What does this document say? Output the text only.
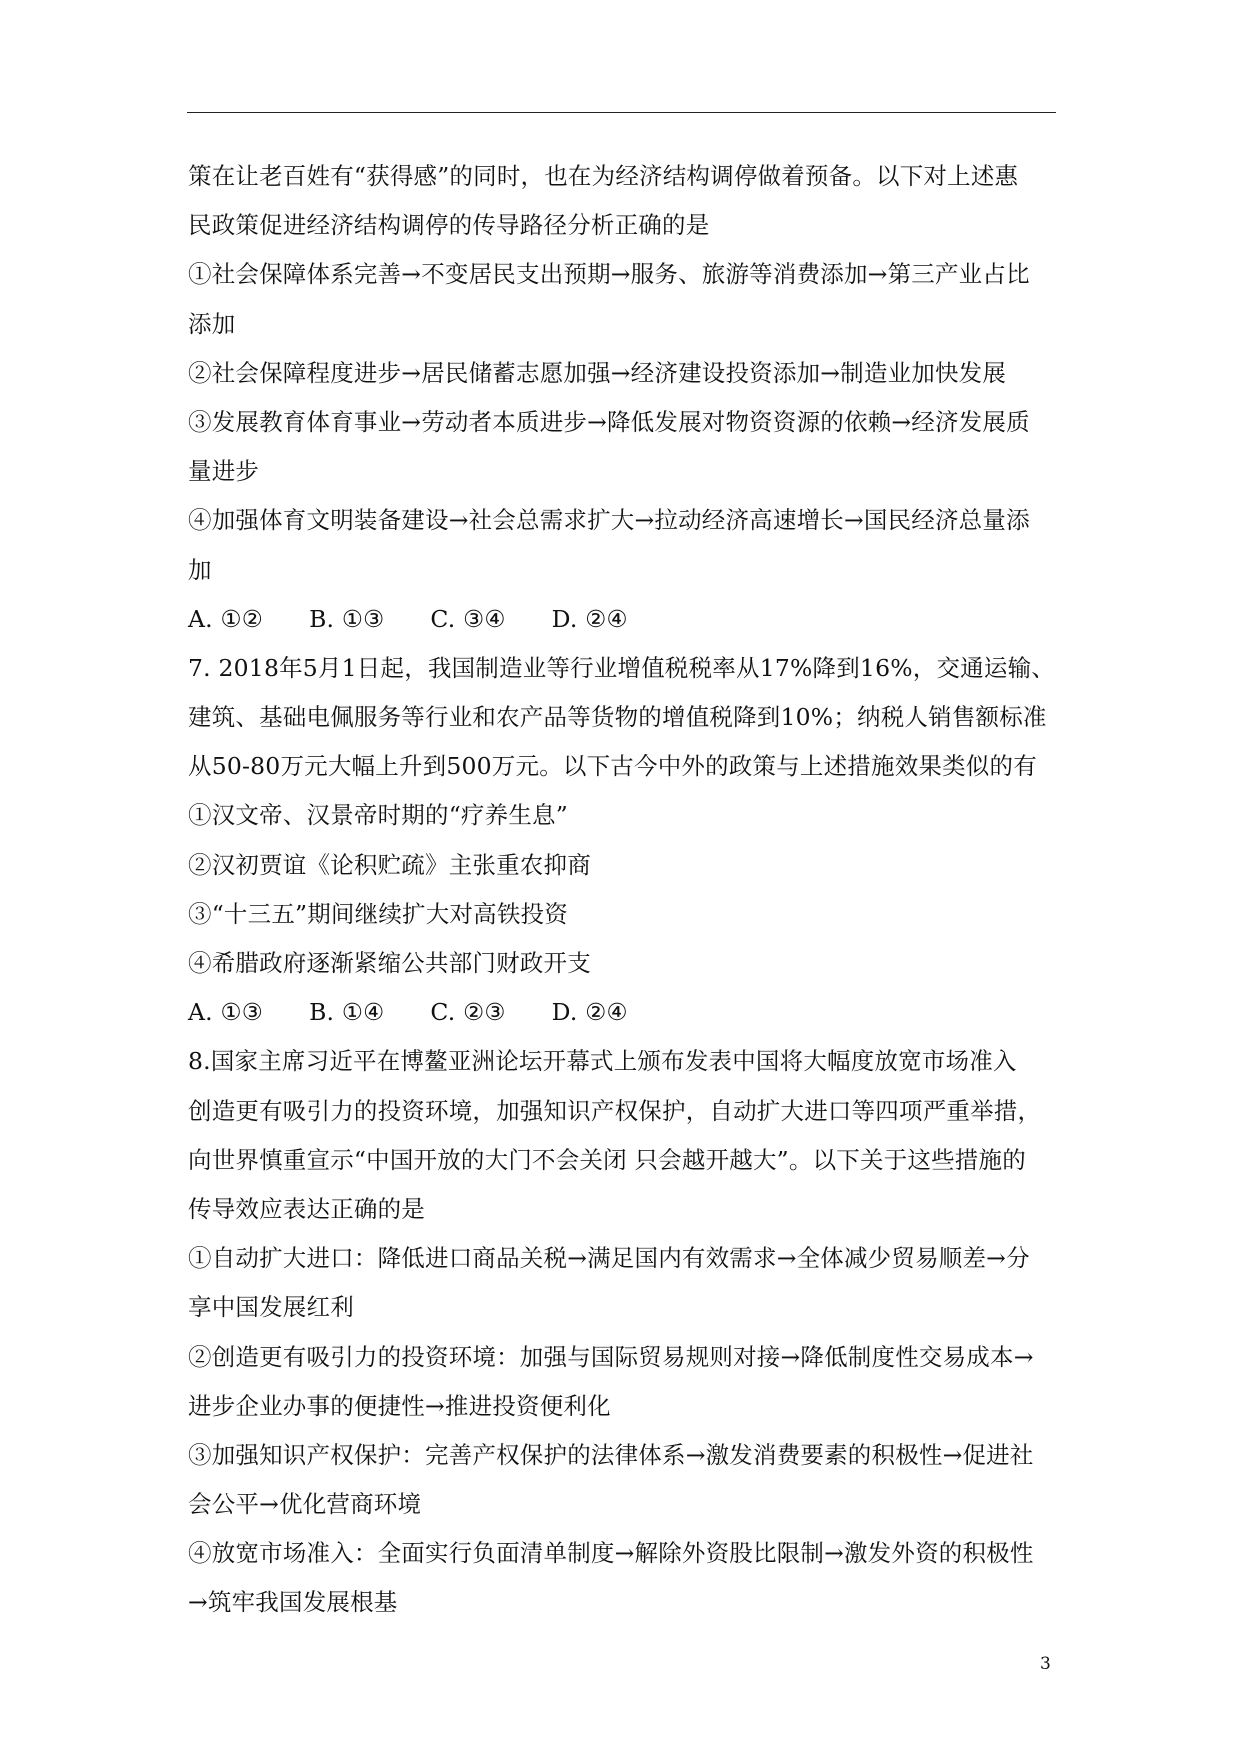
策在让老百姓有“获得感”的同时，也在为经济结构调停做着预备。以下对上述惠
民政策促进经济结构调停的传导路径分析正确的是
①社会保障体系完善→不变居民支出预期→服务、旅游等消费添加→第三产业占比
添加
②社会保障程度进步→居民储蓄志愿加强→经济建设投资添加→制造业加快发展
③发展教育体育事业→劳动者本质进步→降低发展对物资资源的依赖→经济发展质
量进步
④加强体育文明装备建设→社会总需求扩大→拉动经济高速增长→国民经济总量添
加
A. ①②      B. ①③      C. ③④      D. ②④
7. 2018年5月1日起，我国制造业等行业增值税税率从17%降到16%，交通运输、
建筑、基础电佩服务等行业和农产品等货物的增值税降到10%；纳税人销售额标准
从50-80万元大幅上升到500万元。以下古今中外的政策与上述措施效果类似的有
①汉文帝、汉景帝时期的“疗养生息”
②汉初贾谊《论积贮疏》主张重农抑商
③“十三五”期间继续扩大对高铁投资
④希腊政府逐渐紧缩公共部门财政开支
A. ①③      B. ①④      C. ②③      D. ②④
8.国家主席习近平在博鳌亚洲论坛开幕式上颁布发表中国将大幅度放宽市场准入
创造更有吸引力的投资环境，加强知识产权保护，自动扩大进口等四项严重举措，
向世界慎重宣示“中国开放的大门不会关闭 只会越开越大”。以下关于这些措施的
传导效应表达正确的是
①自动扩大进口：降低进口商品关税→满足国内有效需求→全体减少贸易顺差→分
享中国发展红利
②创造更有吸引力的投资环境：加强与国际贸易规则对接→降低制度性交易成本→
进步企业办事的便捷性→推进投资便利化
③加强知识产权保护：完善产权保护的法律体系→激发消费要素的积极性→促进社
会公平→优化营商环境
④放宽市场准入：全面实行负面清单制度→解除外资股比限制→激发外资的积极性
→筑牢我国发展根基
3
